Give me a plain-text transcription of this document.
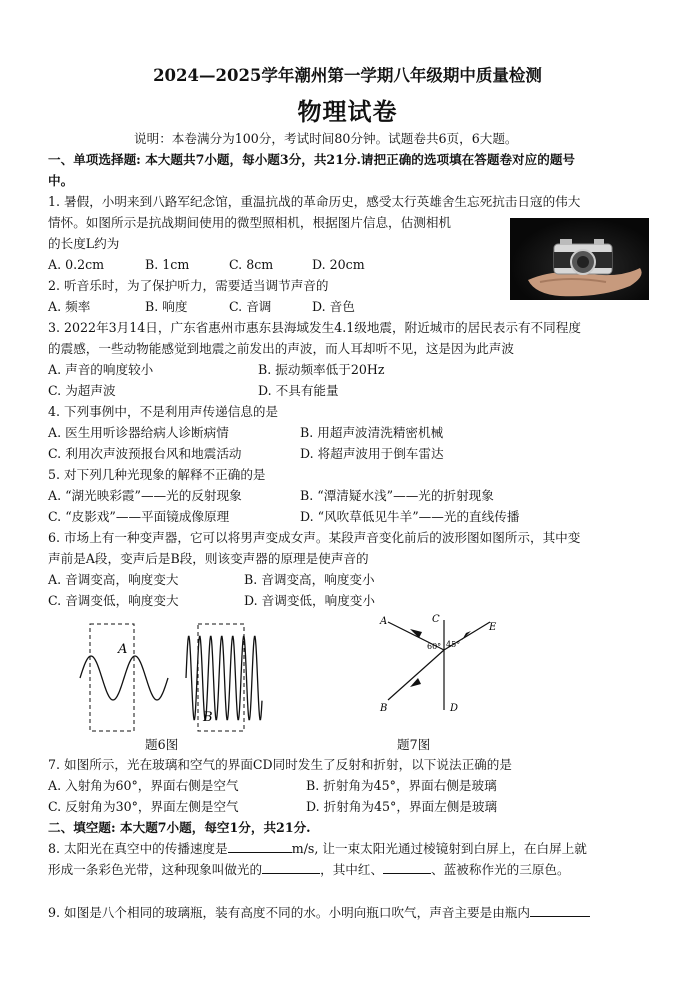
2024—2025学年潮州第一学期八年级期中质量检测
物理试卷
说明：本卷满分为100分，考试时间80分钟。试题卷共6页，6大题。
一、单项选择题: 本大题共7小题，每小题3分，共21分.请把正确的选项填在答题卷对应的题号
中。
1. 暑假，小明来到八路军纪念馆，重温抗战的革命历史，感受太行英雄舍生忘死抗击日寇的伟大
情怀。如图所示是抗战期间使用的微型照相机，根据图片信息，估测相机
的长度L约为
A. 0.2cm	B. 1cm	C. 8cm	D. 20cm
2. 听音乐时，为了保护听力，需要适当调节声音的
A. 频率	B. 响度	C. 音调	D. 音色
3. 2022年3月14日，广东省惠州市惠东县海域发生4.1级地震，附近城市的居民表示有不同程度
的震感，一些动物能感觉到地震之前发出的声波，而人耳却听不见，这是因为此声波
A. 声音的响度较小	B. 振动频率低于20Hz
C. 为超声波	D. 不具有能量
4. 下列事例中，不是利用声传递信息的是
A. 医生用听诊器给病人诊断病情	B. 用超声波清洗精密机械
C. 利用次声波预报台风和地震活动	D. 将超声波用于倒车雷达
5. 对下列几种光现象的解释不正确的是
A. “湖光映彩霞”——光的反射现象	B. “潭清疑水浅”——光的折射现象
C. “皮影戏”——平面镜成像原理	D. “风吹草低见牛羊”——光的直线传播
6. 市场上有一种变声器，它可以将男声变成女声。某段声音变化前后的波形图如图所示，其中变
声前是A段，变声后是B段，则该变声器的原理是使声音的
A. 音调变高，响度变大	B. 音调变高，响度变小
C. 音调变低，响度变大	D. 音调变低，响度变小
A
B
题6图
A
B
C
D
E
60° 45°
题7图
7. 如图所示，光在玻璃和空气的界面CD同时发生了反射和折射，以下说法正确的是
A. 入射角为60°，界面右侧是空气	B. 折射角为45°，界面右侧是玻璃
C. 反射角为30°，界面左侧是空气	D. 折射角为45°，界面左侧是玻璃
二、填空题: 本大题7小题，每空1分，共21分.
8. 太阳光在真空中的传播速度是	m/s, 让一束太阳光通过棱镜射到白屏上，在白屏上就
形成一条彩色光带，这种现象叫做光的	，其中红、	、蓝被称作光的三原色。
9. 如图是八个相同的玻璃瓶，装有高度不同的水。小明向瓶口吹气，声音主要是由瓶内
